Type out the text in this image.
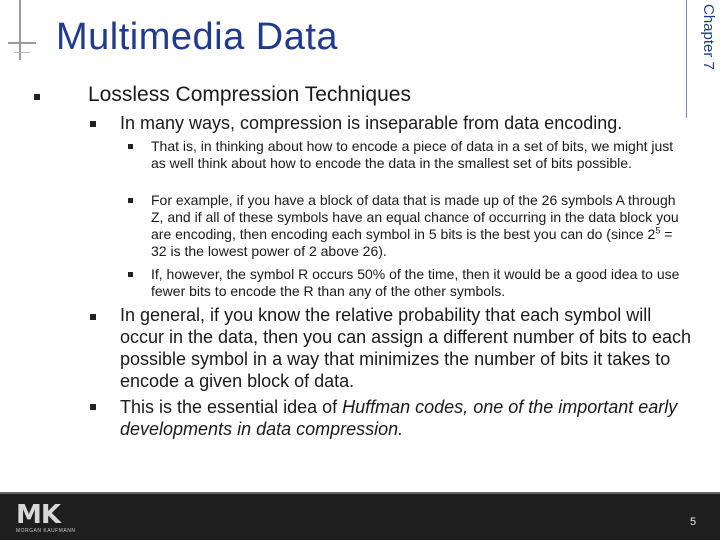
Multimedia Data	Chapter 7

Lossless Compression Techniques

In many ways, compression is inseparable from data encoding.

That is, in thinking about how to encode a piece of data in a set of bits, we might just as well think about how to encode the data in the smallest set of bits possible.

For example, if you have a block of data that is made up of the 26 symbols A through Z, and if all of these symbols have an equal chance of occurring in the data block you are encoding, then encoding each symbol in 5 bits is the best you can do (since $2^5 = 32$ is the lowest power of 2 above 26).

If, however, the symbol R occurs 50% of the time, then it would be a good idea to use fewer bits to encode the R than any of the other symbols.

In general, if you know the relative probability that each symbol will occur in the data, then you can assign a different number of bits to each possible symbol in a way that minimizes the number of bits it takes to encode a given block of data.

This is the essential idea of Huffman codes, one of the important early developments in data compression.

MK
MORGAN KAUFMANN
5
